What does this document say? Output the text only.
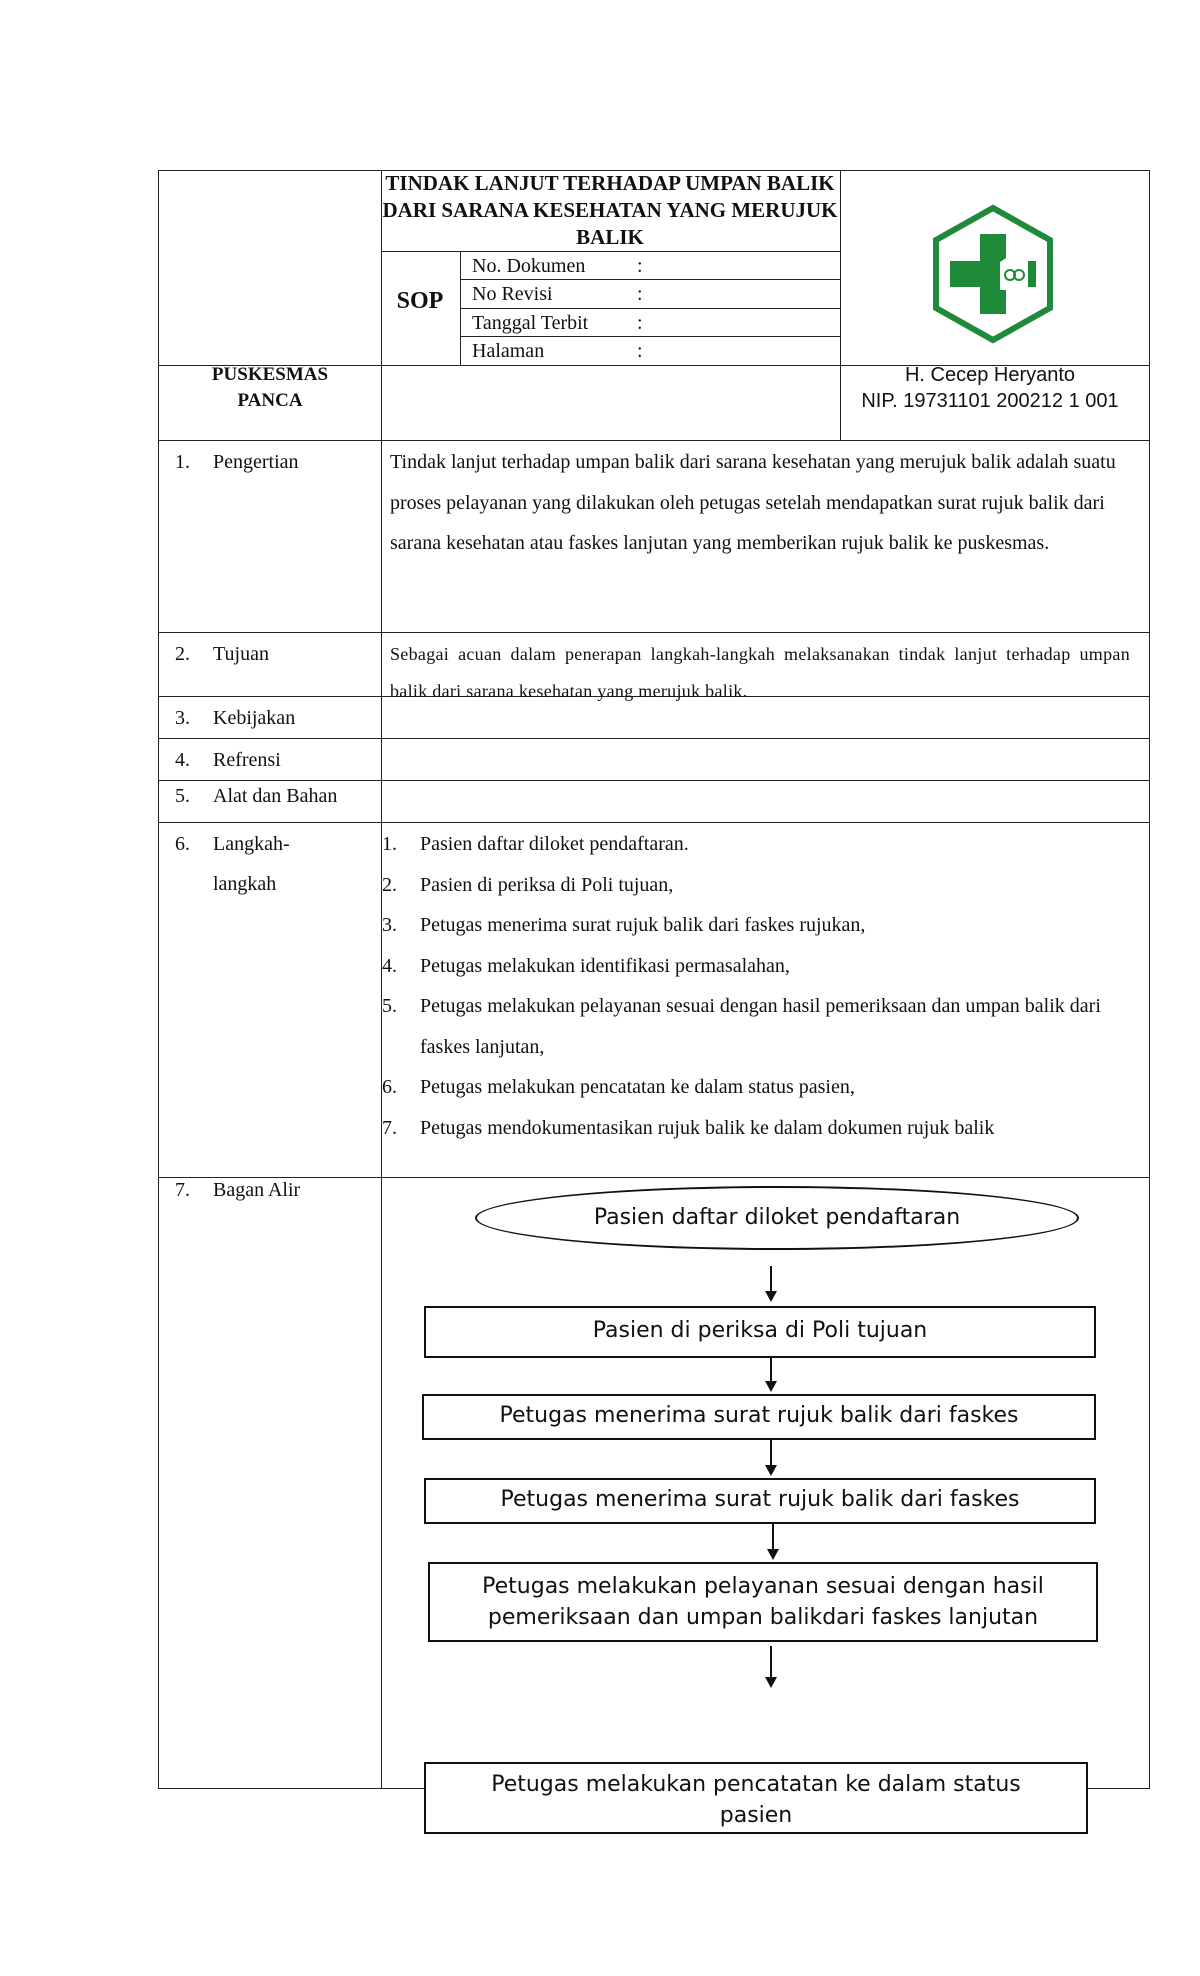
TINDAK LANJUT TERHADAP UMPAN BALIK DARI SARANA KESEHATAN YANG MERUJUK BALIK
SOP
No. Dokumen	:
No Revisi	:
Tanggal Terbit :
Halaman	:
PUSKESMAS
PANCA
H. Cecep Heryanto
NIP. 19731101 200212 1 001
1. Pengertian	Tindak lanjut terhadap umpan balik dari sarana kesehatan yang merujuk balik adalah suatu proses pelayanan yang dilakukan oleh petugas setelah mendapatkan surat rujuk balik dari sarana kesehatan atau faskes lanjutan yang memberikan rujuk balik ke puskesmas.
2. Tujuan	Sebagai acuan dalam penerapan langkah-langkah melaksanakan tindak lanjut terhadap umpan balik dari sarana kesehatan yang merujuk balik.
3. Kebijakan
4. Refrensi
5. Alat dan Bahan
6. Langkah-
langkah
1. Pasien daftar diloket pendaftaran.
2. Pasien di periksa di Poli tujuan,
3. Petugas menerima surat rujuk balik dari faskes rujukan,
4. Petugas melakukan identifikasi permasalahan,
5. Petugas melakukan pelayanan sesuai dengan hasil pemeriksaan dan umpan balik dari faskes lanjutan,
6. Petugas melakukan pencatatan ke dalam status pasien,
7. Petugas mendokumentasikan rujuk balik ke dalam dokumen rujuk balik
7. Bagan Alir
Pasien daftar diloket pendaftaran
Pasien di periksa di Poli tujuan
Petugas menerima surat rujuk balik dari faskes
Petugas menerima surat rujuk balik dari faskes
Petugas melakukan pelayanan sesuai dengan hasil
pemeriksaan dan umpan balikdari faskes lanjutan
Petugas melakukan pencatatan ke dalam status
pasien
